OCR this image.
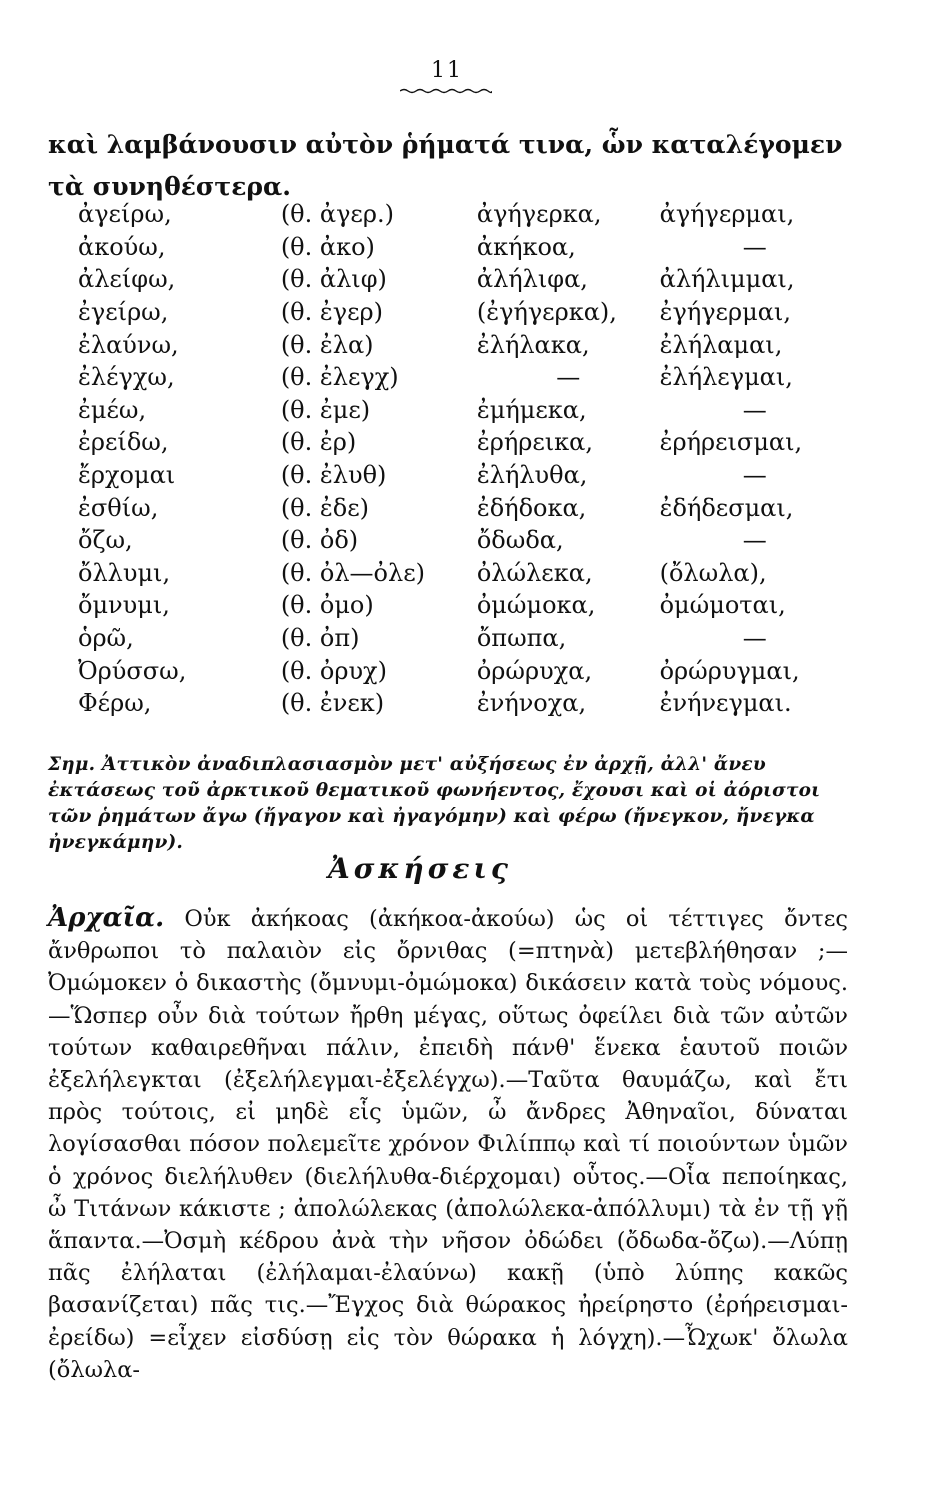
11
καὶ λαμβάνουσιν αὐτὸν ῥήματά τινα, ὧν καταλέγομεν τὰ συνηθέστερα.
ἀγείρω,	(θ. ἀγερ.)	ἀγήγερκα,	ἀγήγερμαι,
ἀκούω,	(θ. ἀκο)	ἀκήκοα,	—
ἀλείφω,	(θ. ἀλιφ)	ἀλήλιφα,	ἀλήλιμμαι,
ἐγείρω,	(θ. ἐγερ)	(ἐγήγερκα),	ἐγήγερμαι,
ἐλαύνω,	(θ. ἐλα)	ἐλήλακα,	ἐλήλαμαι,
ἐλέγχω,	(θ. ἐλεγχ)	—	ἐλήλεγμαι,
ἐμέω,	(θ. ἐμε)	ἐμήμεκα,	—
ἐρείδω,	(θ. ἐρ)	ἐρήρεικα,	ἐρήρεισμαι,
ἔρχομαι	(θ. ἐλυθ)	ἐλήλυθα,	—
ἐσθίω,	(θ. ἐδε)	ἐδήδοκα,	ἐδήδεσμαι,
ὄζω,	(θ. ὀδ)	ὄδωδα,	—
ὄλλυμι,	(θ. ὀλ—ὀλε)	ὀλώλεκα,	(ὄλωλα),
ὄμνυμι,	(θ. ὀμο)	ὀμώμοκα,	ὀμώμοται,
ὁρῶ,	(θ. ὀπ)	ὄπωπα,	—
Ὀρύσσω,	(θ. ὀρυχ)	ὀρώρυχα,	ὀρώρυγμαι,
Φέρω,	(θ. ἐνεκ)	ἐνήνοχα,	ἐνήνεγμαι.
Σημ. Ἀττικὸν ἀναδιπλασιασμὸν μετ' αὐξήσεως ἐν ἀρχῇ, ἀλλ' ἄνευ ἐκτάσεως τοῦ ἀρκτικοῦ θεματικοῦ φωνήεντος, ἔχουσι καὶ οἱ ἀόριστοι τῶν ῥημάτων ἄγω (ἤγαγον καὶ ἠγαγόμην) καὶ φέρω (ἤνεγκον, ἤνεγκα ἠνεγκάμην).
Ἀσκήσεις
Ἀρχαῖα. Οὐκ ἀκήκοας (ἀκήκοα-ἀκούω) ὡς οἱ τέττιγες ὄντες ἄνθρωποι τὸ παλαιὸν εἰς ὄρνιθας (=πτηνὰ) μετεβλήθησαν ;—Ὀμώμοκεν ὁ δικαστὴς (ὄμνυμι-ὀμώμοκα) δικάσειν κατὰ τοὺς νόμους.—Ὥσπερ οὖν διὰ τούτων ἤρθη μέγας, οὕτως ὀφείλει διὰ τῶν αὐτῶν τούτων καθαιρεθῆναι πάλιν, ἐπειδὴ πάνθ' ἕνεκα ἑαυτοῦ ποιῶν ἐξελήλεγκται (ἐξελήλεγμαι-ἐξελέγχω).—Ταῦτα θαυμάζω, καὶ ἔτι πρὸς τούτοις, εἰ μηδὲ εἷς ὑμῶν, ὦ ἄνδρες Ἀθηναῖοι, δύναται λογίσασθαι πόσον πολεμεῖτε χρόνον Φιλίππῳ καὶ τί ποιούντων ὑμῶν ὁ χρόνος διελήλυθεν (διελήλυθα-διέρχομαι) οὗτος.—Οἷα πεποίηκας, ὦ Τιτάνων κάκιστε ; ἀπολώλεκας (ἀπολώλεκα-ἀπόλλυμι) τὰ ἐν τῇ γῇ ἅπαντα.—Ὀσμὴ κέδρου ἀνὰ τὴν νῆσον ὀδώδει (ὄδωδα-ὄζω).—Λύπῃ πᾶς ἐλήλαται (ἐλήλαμαι-ἐλαύνω) κακῇ (ὑπὸ λύπης κακῶς βασανίζεται) πᾶς τις.—Ἔγχος διὰ θώρακος ἠρείρηστο (ἐρήρεισμαι-ἐρείδω) =εἶχεν εἰσδύσῃ εἰς τὸν θώρακα ἡ λόγχη).—Ὦχωκ' ὄλωλα (ὄλωλα-
